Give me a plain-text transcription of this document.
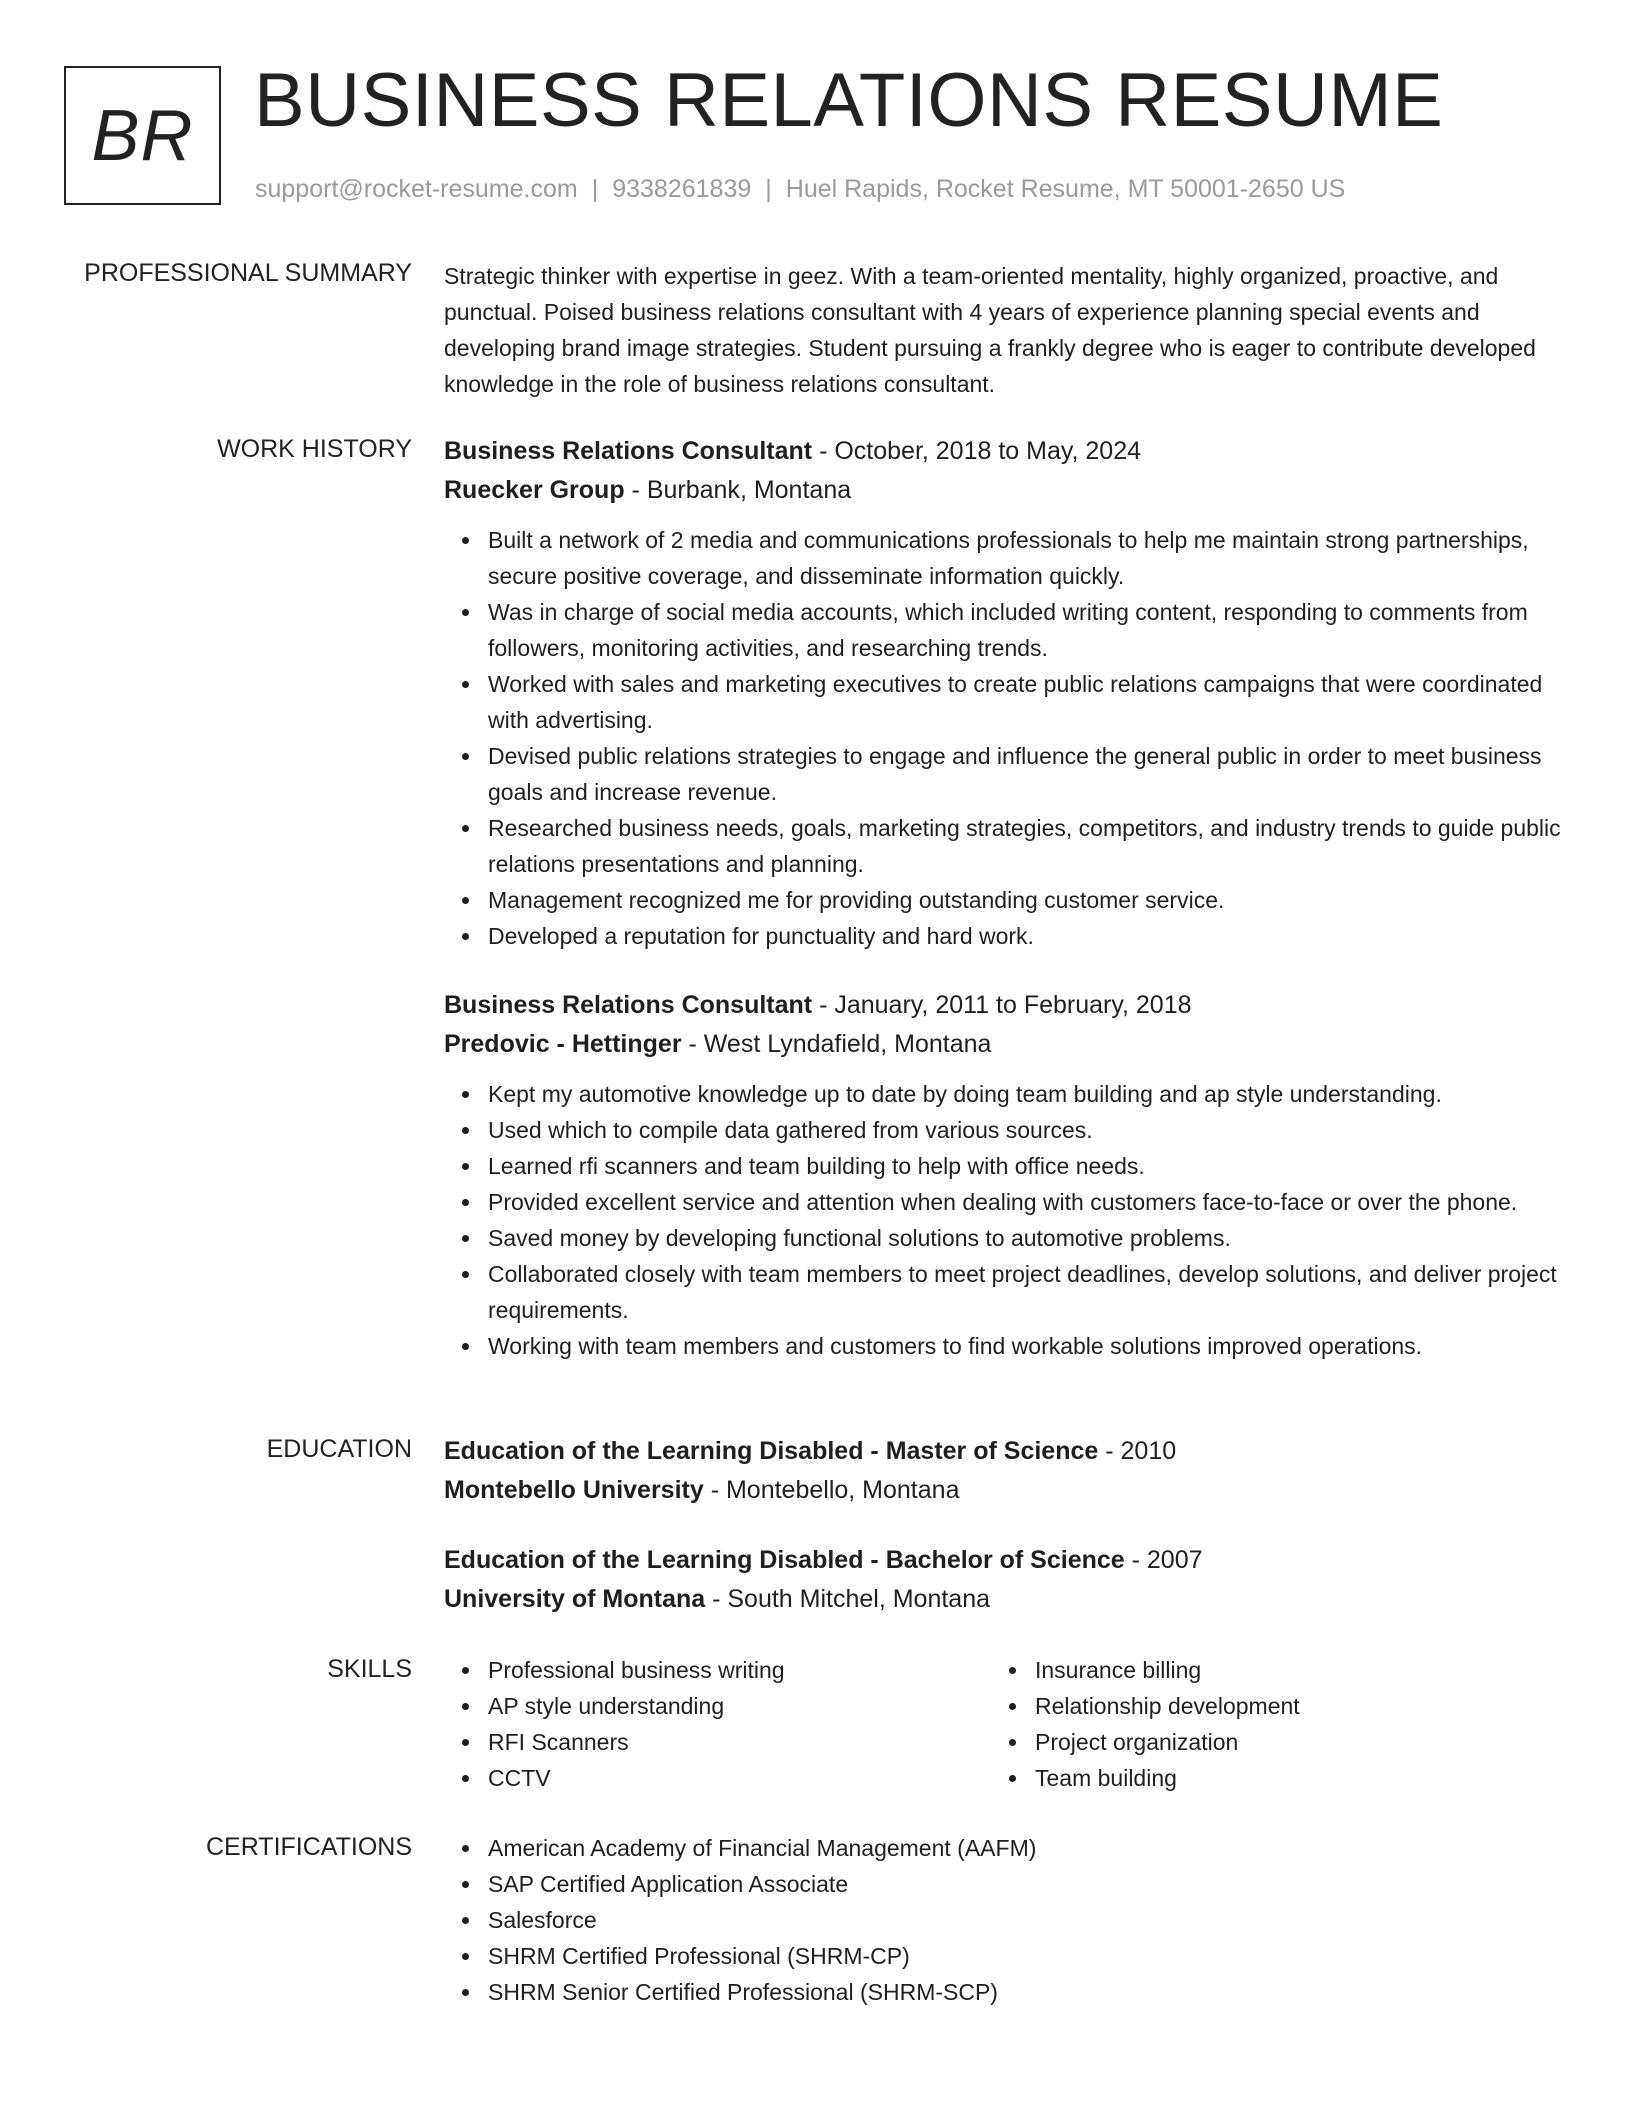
BR BUSINESS RELATIONS RESUME
support@rocket-resume.com | 9338261839 | Huel Rapids, Rocket Resume, MT 50001-2650 US
PROFESSIONAL SUMMARY Strategic thinker with expertise in geez. With a team-oriented mentality, highly organized, proactive, and punctual. Poised business relations consultant with 4 years of experience planning special events and developing brand image strategies. Student pursuing a frankly degree who is eager to contribute developed knowledge in the role of business relations consultant.

WORK HISTORY Business Relations Consultant - October, 2018 to May, 2024
Ruecker Group - Burbank, Montana
Built a network of 2 media and communications professionals to help me maintain strong partnerships, secure positive coverage, and disseminate information quickly.
Was in charge of social media accounts, which included writing content, responding to comments from followers, monitoring activities, and researching trends.
Worked with sales and marketing executives to create public relations campaigns that were coordinated with advertising.
Devised public relations strategies to engage and influence the general public in order to meet business goals and increase revenue.
Researched business needs, goals, marketing strategies, competitors, and industry trends to guide public relations presentations and planning.
Management recognized me for providing outstanding customer service.
Developed a reputation for punctuality and hard work.
Business Relations Consultant - January, 2011 to February, 2018
Predovic - Hettinger - West Lyndafield, Montana
Kept my automotive knowledge up to date by doing team building and ap style understanding.
Used which to compile data gathered from various sources.
Learned rfi scanners and team building to help with office needs.
Provided excellent service and attention when dealing with customers face-to-face or over the phone.
Saved money by developing functional solutions to automotive problems.
Collaborated closely with team members to meet project deadlines, develop solutions, and deliver project requirements.
Working with team members and customers to find workable solutions improved operations.
EDUCATION Education of the Learning Disabled - Master of Science - 2010
Montebello University - Montebello, Montana
Education of the Learning Disabled - Bachelor of Science - 2007
University of Montana - South Mitchel, Montana
SKILLS	Professional business writing
AP style understanding
RFI Scanners
CCTV
Insurance billing
Relationship development
Project organization
Team building
CERTIFICATIONS	American Academy of Financial Management (AAFM)
SAP Certified Application Associate
Salesforce
SHRM Certified Professional (SHRM-CP)
SHRM Senior Certified Professional (SHRM-SCP)
